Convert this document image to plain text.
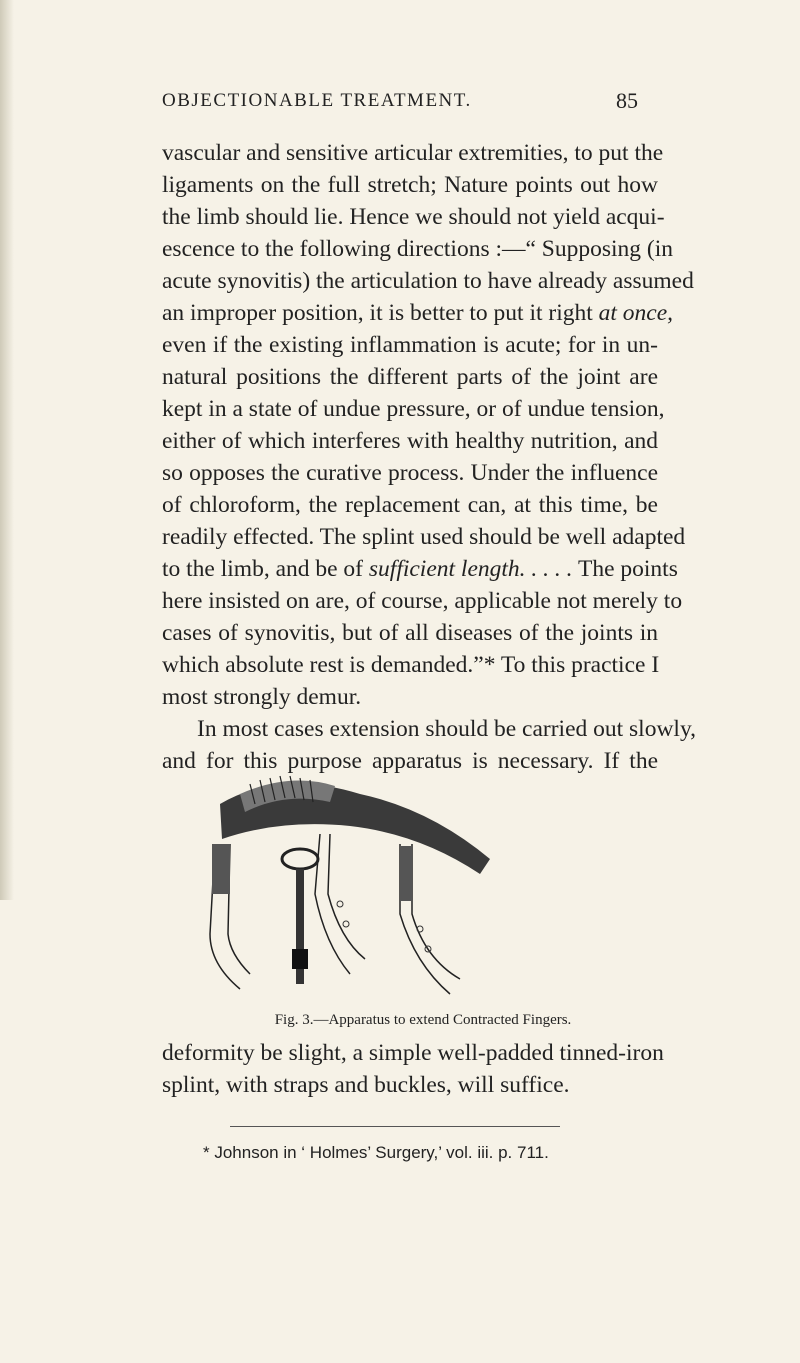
OBJECTIONABLE TREATMENT.	85
vascular and sensitive articular extremities, to put the
ligaments on the full stretch; Nature points out how
the limb should lie. Hence we should not yield acqui-
escence to the following directions :—“ Supposing (in
acute synovitis) the articulation to have already assumed
an improper position, it is better to put it right at once,
even if the existing inflammation is acute; for in un-
natural positions the different parts of the joint are
kept in a state of undue pressure, or of undue tension,
either of which interferes with healthy nutrition, and
so opposes the curative process. Under the influence
of chloroform, the replacement can, at this time, be
readily effected. The splint used should be well adapted
to the limb, and be of sufficient length. . . . . The points
here insisted on are, of course, applicable not merely to
cases of synovitis, but of all diseases of the joints in
which absolute rest is demanded.”* To this practice I
most strongly demur.
In most cases extension should be carried out slowly,
and for this purpose apparatus is necessary. If the
Fig. 3.—Apparatus to extend Contracted Fingers.
deformity be slight, a simple well-padded tinned-iron
splint, with straps and buckles, will suffice.
* Johnson in ‘ Holmes’ Surgery,’ vol. iii. p. 711.
